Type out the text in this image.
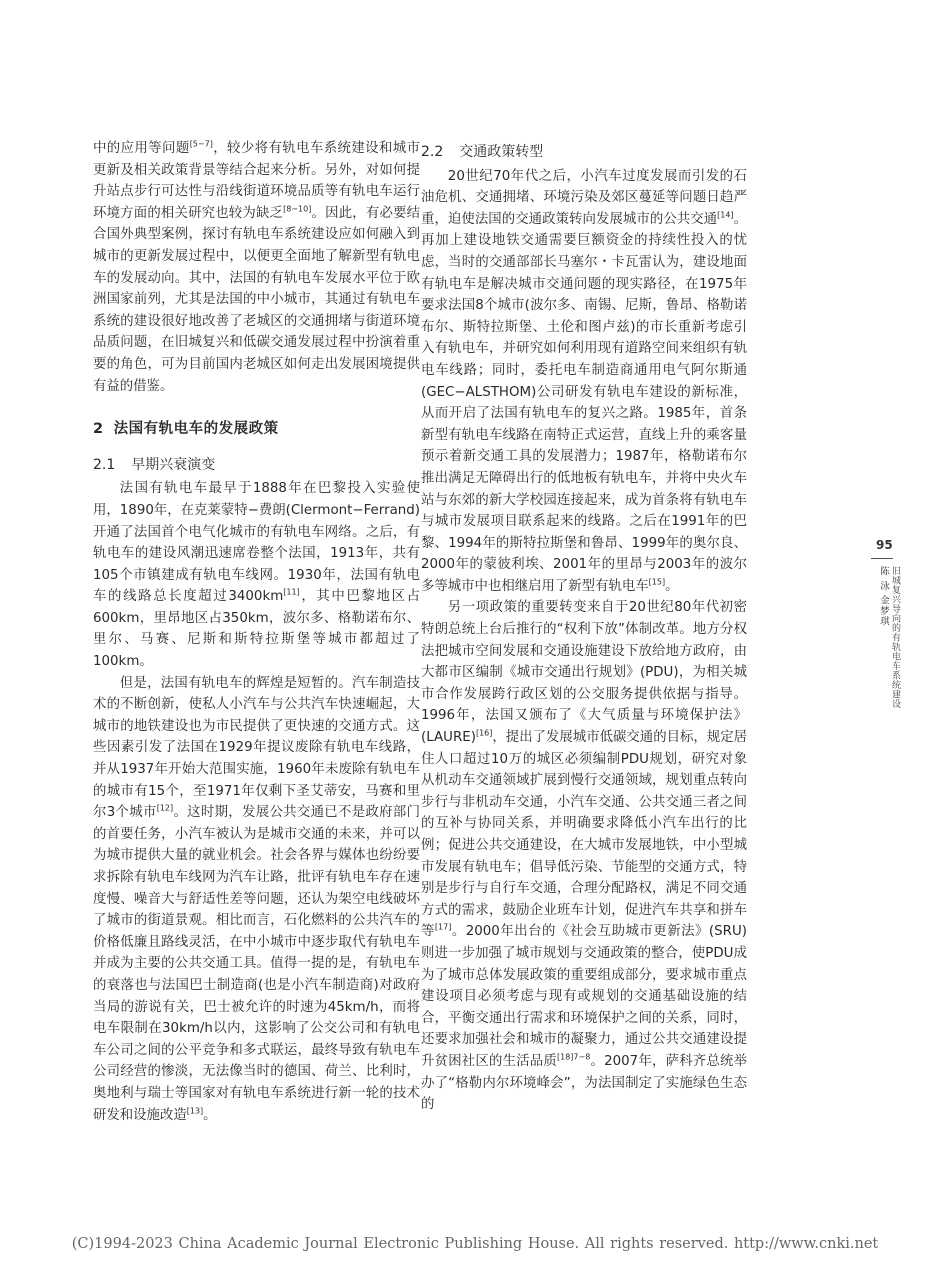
中的应用等问题[5−7]，较少将有轨电车系统建设和城市更新及相关政策背景等结合起来分析。另外，对如何提升站点步行可达性与沿线街道环境品质等有轨电车运行环境方面的相关研究也较为缺乏[8−10]。因此，有必要结合国外典型案例，探讨有轨电车系统建设应如何融入到城市的更新发展过程中，以便更全面地了解新型有轨电车的发展动向。其中，法国的有轨电车发展水平位于欧洲国家前列，尤其是法国的中小城市，其通过有轨电车系统的建设很好地改善了老城区的交通拥堵与街道环境品质问题，在旧城复兴和低碳交通发展过程中扮演着重要的角色，可为目前国内老城区如何走出发展困境提供有益的借鉴。

2 法国有轨电车的发展政策
2.1 早期兴衰演变

法国有轨电车最早于1888年在巴黎投入实验使用，1890年，在克莱蒙特−费朗(Clermont−Ferrand)开通了法国首个电气化城市的有轨电车网络。之后，有轨电车的建设风潮迅速席卷整个法国，1913年，共有105个市镇建成有轨电车线网。1930年，法国有轨电车的线路总长度超过3400km[11]，其中巴黎地区占600km，里昂地区占350km，波尔多、格勒诺布尔、里尔、马赛、尼斯和斯特拉斯堡等城市都超过了100km。

但是，法国有轨电车的辉煌是短暂的。汽车制造技术的不断创新，使私人小汽车与公共汽车快速崛起，大城市的地铁建设也为市民提供了更快速的交通方式。这些因素引发了法国在1929年提议废除有轨电车线路，并从1937年开始大范围实施，1960年未废除有轨电车的城市有15个，至1971年仅剩下圣艾蒂安，马赛和里尔3个城市[12]。这时期，发展公共交通已不是政府部门的首要任务，小汽车被认为是城市交通的未来，并可以为城市提供大量的就业机会。社会各界与媒体也纷纷要求拆除有轨电车线网为汽车让路，批评有轨电车存在速度慢、噪音大与舒适性差等问题，还认为架空电线破坏了城市的街道景观。相比而言，石化燃料的公共汽车的价格低廉且路线灵活，在中小城市中逐步取代有轨电车并成为主要的公共交通工具。值得一提的是，有轨电车的衰落也与法国巴士制造商(也是小汽车制造商)对政府当局的游说有关，巴士被允许的时速为45km/h，而将电车限制在30km/h以内，这影响了公交公司和有轨电车公司之间的公平竞争和多式联运，最终导致有轨电车公司经营的惨淡，无法像当时的德国、荷兰、比利时，奥地利与瑞士等国家对有轨电车系统进行新一轮的技术研发和设施改造[13]。

2.2 交通政策转型

20世纪70年代之后，小汽车过度发展而引发的石油危机、交通拥堵、环境污染及郊区蔓延等问题日趋严重，迫使法国的交通政策转向发展城市的公共交通[14]。再加上建设地铁交通需要巨额资金的持续性投入的忧虑，当时的交通部部长马塞尔・卡瓦雷认为，建设地面有轨电车是解决城市交通问题的现实路径，在1975年要求法国8个城市(波尔多、南锡、尼斯，鲁昂、格勒诺布尔、斯特拉斯堡、土伦和图卢兹)的市长重新考虑引入有轨电车，并研究如何利用现有道路空间来组织有轨电车线路；同时，委托电车制造商通用电气阿尔斯通(GEC−ALSTHOM)公司研发有轨电车建设的新标准，从而开启了法国有轨电车的复兴之路。1985年，首条新型有轨电车线路在南特正式运营，直线上升的乘客量预示着新交通工具的发展潜力；1987年，格勒诺布尔推出满足无障碍出行的低地板有轨电车，并将中央火车站与东郊的新大学校园连接起来，成为首条将有轨电车与城市发展项目联系起来的线路。之后在1991年的巴黎、1994年的斯特拉斯堡和鲁昂、1999年的奥尔良、2000年的蒙彼利埃、2001年的里昂与2003年的波尔多等城市中也相继启用了新型有轨电车[15]。

另一项政策的重要转变来自于20世纪80年代初密特朗总统上台后推行的“权利下放”体制改革。地方分权法把城市空间发展和交通设施建设下放给地方政府，由大都市区编制《城市交通出行规划》(PDU)，为相关城市合作发展跨行政区划的公交服务提供依据与指导。1996年，法国又颁布了《大气质量与环境保护法》(LAURE)[16]，提出了发展城市低碳交通的目标，规定居住人口超过10万的城区必须编制PDU规划，研究对象从机动车交通领域扩展到慢行交通领域，规划重点转向步行与非机动车交通，小汽车交通、公共交通三者之间的互补与协同关系，并明确要求降低小汽车出行的比例；促进公共交通建设，在大城市发展地铁，中小型城市发展有轨电车；倡导低污染、节能型的交通方式，特别是步行与自行车交通，合理分配路权，满足不同交通方式的需求，鼓励企业班车计划，促进汽车共享和拼车等[17]。2000年出台的《社会互助城市更新法》(SRU)则进一步加强了城市规划与交通政策的整合，使PDU成为了城市总体发展政策的重要组成部分，要求城市重点建设项目必须考虑与现有或规划的交通基础设施的结合，平衡交通出行需求和环境保护之间的关系，同时，还要求加强社会和城市的凝聚力，通过公共交通建设提升贫困社区的生活品质$^{[18]7-8}$。2007年，萨科齐总统举办了“格勒内尔环境峰会”，为法国制定了实施绿色生态的

95
陈 泳 金梦琪 旧城复兴导向的有轨电车系统建设
(C)1994-2023 China Academic Journal Electronic Publishing House. All rights reserved. http://www.cnki.net
